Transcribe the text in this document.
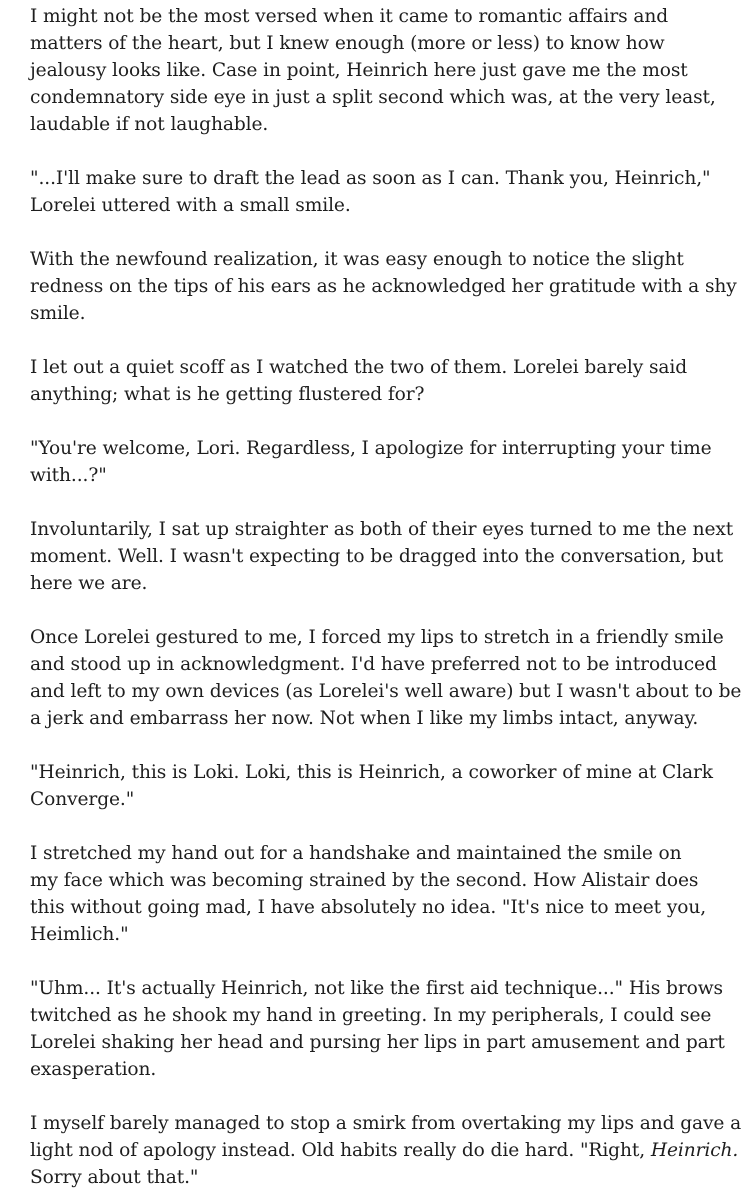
I might not be the most versed when it came to romantic affairs and
matters of the heart, but I knew enough (more or less) to know how
jealousy looks like. Case in point, Heinrich here just gave me the most
condemnatory side eye in just a split second which was, at the very least,
laudable if not laughable.

"...I'll make sure to draft the lead as soon as I can. Thank you, Heinrich,"
Lorelei uttered with a small smile.

With the newfound realization, it was easy enough to notice the slight
redness on the tips of his ears as he acknowledged her gratitude with a shy
smile.

I let out a quiet scoff as I watched the two of them. Lorelei barely said
anything; what is he getting flustered for?

"You're welcome, Lori. Regardless, I apologize for interrupting your time
with...?"

Involuntarily, I sat up straighter as both of their eyes turned to me the next
moment. Well. I wasn't expecting to be dragged into the conversation, but
here we are.

Once Lorelei gestured to me, I forced my lips to stretch in a friendly smile
and stood up in acknowledgment. I'd have preferred not to be introduced
and left to my own devices (as Lorelei's well aware) but I wasn't about to be
a jerk and embarrass her now. Not when I like my limbs intact, anyway.

"Heinrich, this is Loki. Loki, this is Heinrich, a coworker of mine at Clark
Converge."

I stretched my hand out for a handshake and maintained the smile on
my face which was becoming strained by the second. How Alistair does
this without going mad, I have absolutely no idea. "It's nice to meet you,
Heimlich."

"Uhm... It's actually Heinrich, not like the first aid technique..." His brows
twitched as he shook my hand in greeting. In my peripherals, I could see
Lorelei shaking her head and pursing her lips in part amusement and part
exasperation.

I myself barely managed to stop a smirk from overtaking my lips and gave a
light nod of apology instead. Old habits really do die hard. "Right, Heinrich.
Sorry about that."
